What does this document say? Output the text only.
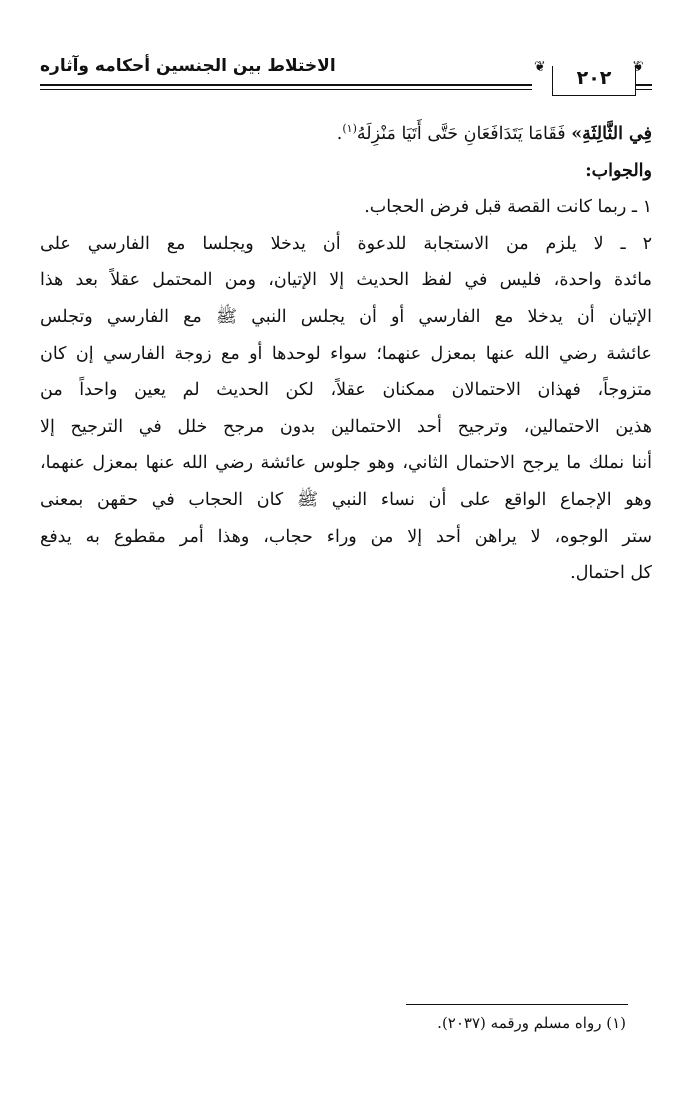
الاختلاط بين الجنسين أحكامه وآثاره	❦	٢٠٢	❦
فِي الثَّالِثَةِ» فَقَامَا يَتَدَافَعَانِ حَتَّى أَتَيَا مَنْزِلَهُ$^{(١)}$.
والجواب:
١ ـ ربما كانت القصة قبل فرض الحجاب.
٢ ـ لا يلزم من الاستجابة للدعوة أن يدخلا ويجلسا مع الفارسي على
مائدة واحدة، فليس في لفظ الحديث إلا الإتيان، ومن المحتمل عقلاً بعد هذا
الإتيان أن يدخلا مع الفارسي أو أن يجلس النبي ﷺ مع الفارسي وتجلس
عائشة رضي الله عنها بمعزل عنهما؛ سواء لوحدها أو مع زوجة الفارسي إن كان
متزوجاً، فهذان الاحتمالان ممكنان عقلاً، لكن الحديث لم يعين واحداً من
هذين الاحتمالين، وترجيح أحد الاحتمالين بدون مرجح خلل في الترجيح إلا
أننا نملك ما يرجح الاحتمال الثاني، وهو جلوس عائشة رضي الله عنها بمعزل عنهما،
وهو الإجماع الواقع على أن نساء النبي ﷺ كان الحجاب في حقهن بمعنى
ستر الوجوه، لا يراهن أحد إلا من وراء حجاب، وهذا أمر مقطوع به يدفع
كل احتمال.
(١) رواه مسلم ورقمه (٢٠٣٧).
